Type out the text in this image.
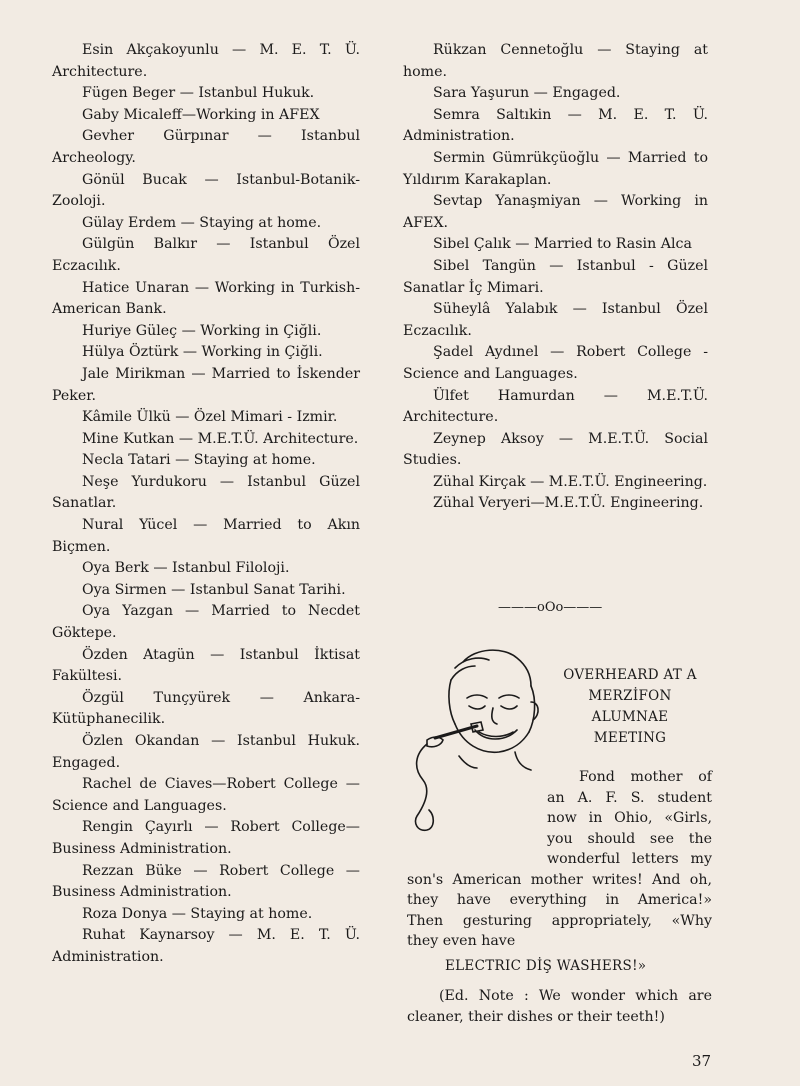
Esin Akçakoyunlu — M. E. T. Ü. Architecture.

Fügen Beger — Istanbul Hukuk.

Gaby Micaleff—Working in AFEX

Gevher Gürpınar — Istanbul Archeology.

Gönül Bucak — Istanbul-Botanik-Zooloji.

Gülay Erdem — Staying at home.

Gülgün Balkır — Istanbul Özel Eczacılık.

Hatice Unaran — Working in Turkish-American Bank.

Huriye Güleç — Working in Çiğli.

Hülya Öztürk — Working in Çiğli.

Jale Mirikman — Married to İskender Peker.

Kâmile Ülkü — Özel Mimari - Izmir.

Mine Kutkan — M.E.T.Ü. Architecture.

Necla Tatari — Staying at home.

Neşe Yurdukoru — Istanbul Güzel Sanatlar.

Nural Yücel — Married to Akın Biçmen.

Oya Berk — Istanbul Filoloji.

Oya Sirmen — Istanbul Sanat Tarihi.

Oya Yazgan — Married to Necdet Göktepe.

Özden Atagün — Istanbul İktisat Fakültesi.

Özgül Tunçyürek — Ankara-Kütüphanecilik.

Özlen Okandan — Istanbul Hukuk. Engaged.

Rachel de Ciaves—Robert College — Science and Languages.

Rengin Çayırlı — Robert College— Business Administration.

Rezzan Büke — Robert College — Business Administration.

Roza Donya — Staying at home.

Ruhat Kaynarsoy — M. E. T. Ü. Administration.

Rükzan Cennetoğlu — Staying at home.

Sara Yaşurun — Engaged.

Semra Saltıkin — M. E. T. Ü. Administration.

Sermin Gümrükçüoğlu — Married to Yıldırım Karakaplan.

Sevtap Yanaşmiyan — Working in AFEX.

Sibel Çalık — Married to Rasin Alca

Sibel Tangün — Istanbul - Güzel Sanatlar İç Mimari.

Süheylâ Yalabık — Istanbul Özel Eczacılık.

Şadel Aydınel — Robert College - Science and Languages.

Ülfet Hamurdan — M.E.T.Ü. Architecture.

Zeynep Aksoy — M.E.T.Ü. Social Studies.

Zühal Kirçak — M.E.T.Ü. Engineering.

Zühal Veryeri—M.E.T.Ü. Engineering.

———oOo———
OVERHEARD AT A
MERZİFON
ALUMNAE
MEETING
Fond mother of
an A. F. S. student
now in Ohio, «Girls,
you should see the
wonderful letters my
son's American mother writes! And oh,
they have everything in America!»
Then gesturing appropriately, «Why
they even have
ELECTRIC DİŞ WASHERS!»
(Ed. Note : We wonder which are
cleaner, their dishes or their teeth!)
37
